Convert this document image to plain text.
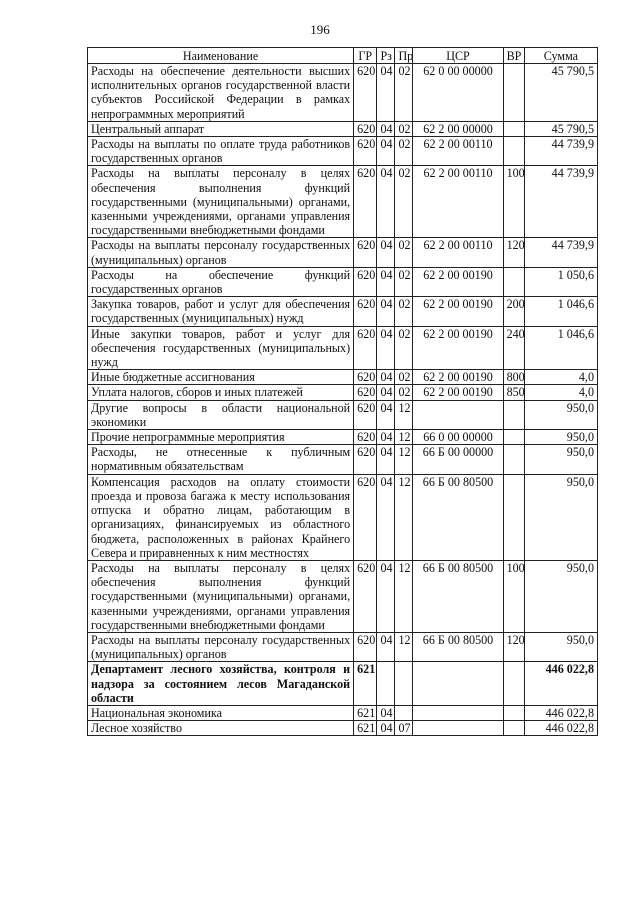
196
Наименование	ГР	Рз	Пр	ЦСР	ВР	Сумма
Расходы на обеспечение деятельности высших исполнительных органов государственной власти субъектов Российской Федерации в рамках непрограммных мероприятий	620	04	02	62 0 00 00000		45 790,5
Центральный аппарат	620	04	02	62 2 00 00000		45 790,5
Расходы на выплаты по оплате труда работников государственных органов	620	04	02	62 2 00 00110		44 739,9
Расходы на выплаты персоналу в целях обеспечения выполнения функций государственными (муниципальными) органами, казенными учреждениями, органами управления государственными внебюджетными фондами	620	04	02	62 2 00 00110	100	44 739,9
Расходы на выплаты персоналу государственных (муниципальных) органов	620	04	02	62 2 00 00110	120	44 739,9
Расходы на обеспечение функций государственных органов	620	04	02	62 2 00 00190		1 050,6
Закупка товаров, работ и услуг для обеспечения государственных (муниципальных) нужд	620	04	02	62 2 00 00190	200	1 046,6
Иные закупки товаров, работ и услуг для обеспечения государственных (муниципальных) нужд	620	04	02	62 2 00 00190	240	1 046,6
Иные бюджетные ассигнования	620	04	02	62 2 00 00190	800	4,0
Уплата налогов, сборов и иных платежей	620	04	02	62 2 00 00190	850	4,0
Другие вопросы в области национальной экономики	620	04	12			950,0
Прочие непрограммные мероприятия	620	04	12	66 0 00 00000		950,0
Расходы, не отнесенные к публичным нормативным обязательствам	620	04	12	66 Б 00 00000		950,0
Компенсация расходов на оплату стоимости проезда и провоза багажа к месту использования отпуска и обратно лицам, работающим в организациях, финансируемых из областного бюджета, расположенных в районах Крайнего Севера и приравненных к ним местностях	620	04	12	66 Б 00 80500		950,0
Расходы на выплаты персоналу в целях обеспечения выполнения функций государственными (муниципальными) органами, казенными учреждениями, органами управления государственными внебюджетными фондами	620	04	12	66 Б 00 80500	100	950,0
Расходы на выплаты персоналу государственных (муниципальных) органов	620	04	12	66 Б 00 80500	120	950,0
Департамент лесного хозяйства, контроля и надзора за состоянием лесов Магаданской области	621					446 022,8
Национальная экономика	621	04				446 022,8
Лесное хозяйство	621	04	07			446 022,8
